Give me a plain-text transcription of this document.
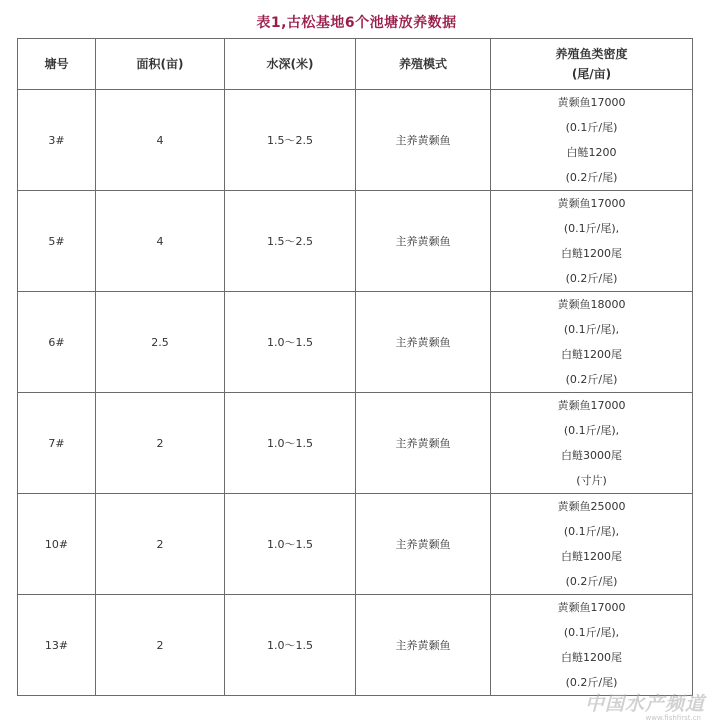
表1,古松基地6个池塘放养数据
塘号	面积(亩)	水深(米)	养殖模式	养殖鱼类密度
(尾/亩)
3#	4	1.5～2.5	主养黄颡鱼	黄颡鱼17000
(0.1斤/尾)
白鲢1200
(0.2斤/尾)

5#	4	1.5～2.5	主养黄颡鱼	黄颡鱼17000
(0.1斤/尾),
白鲢1200尾
(0.2斤/尾)

6#	2.5	1.0～1.5	主养黄颡鱼	黄颡鱼18000
(0.1斤/尾),
白鲢1200尾
(0.2斤/尾)

7#	2	1.0～1.5	主养黄颡鱼	黄颡鱼17000
(0.1斤/尾),
白鲢3000尾
(寸片)

10#	2	1.0～1.5	主养黄颡鱼	黄颡鱼25000
(0.1斤/尾),
白鲢1200尾
(0.2斤/尾)

13#	2	1.0～1.5	主养黄颡鱼	黄颡鱼17000
(0.1斤/尾),
白鲢1200尾
(0.2斤/尾)
中国水产频道
www.fishfirst.cn
